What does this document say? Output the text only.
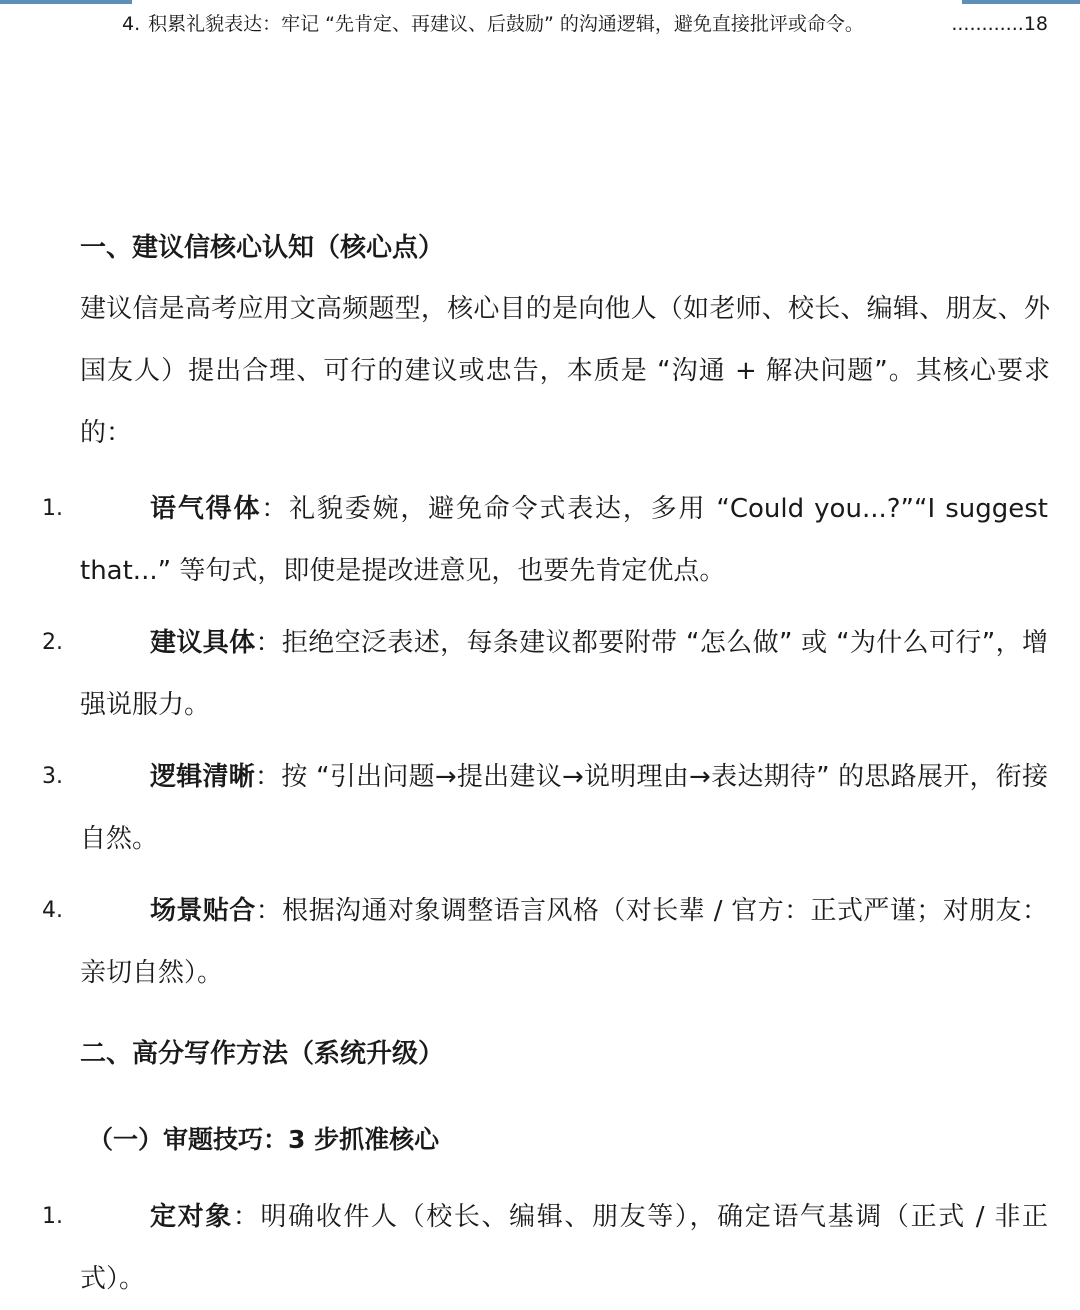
4. 积累礼貌表达：牢记 “先肯定、再建议、后鼓励” 的沟通逻辑，避免直接批评或命令。	............ 18
一、建议信核心认知（核心点）
建议信是高考应用文高频题型，核心目的是向他人（如老师、校长、编辑、朋友、外国友人）提出合理、可行的建议或忠告，本质是 “沟通 + 解决问题”。其核心要求的：
1.	语气得体：礼貌委婉，避免命令式表达，多用 “Could you...?”“I suggest that...” 等句式，即使是提改进意见，也要先肯定优点。
2.	建议具体：拒绝空泛表述，每条建议都要附带 “怎么做” 或 “为什么可行”，增强说服力。
3.	逻辑清晰：按 “引出问题→提出建议→说明理由→表达期待” 的思路展开，衔接自然。
4.	场景贴合：根据沟通对象调整语言风格（对长辈 / 官方：正式严谨；对朋友：亲切自然）。
二、高分写作方法（系统升级）
（一）审题技巧：3 步抓准核心
1.	定对象：明确收件人（校长、编辑、朋友等），确定语气基调（正式 / 非正式）。
